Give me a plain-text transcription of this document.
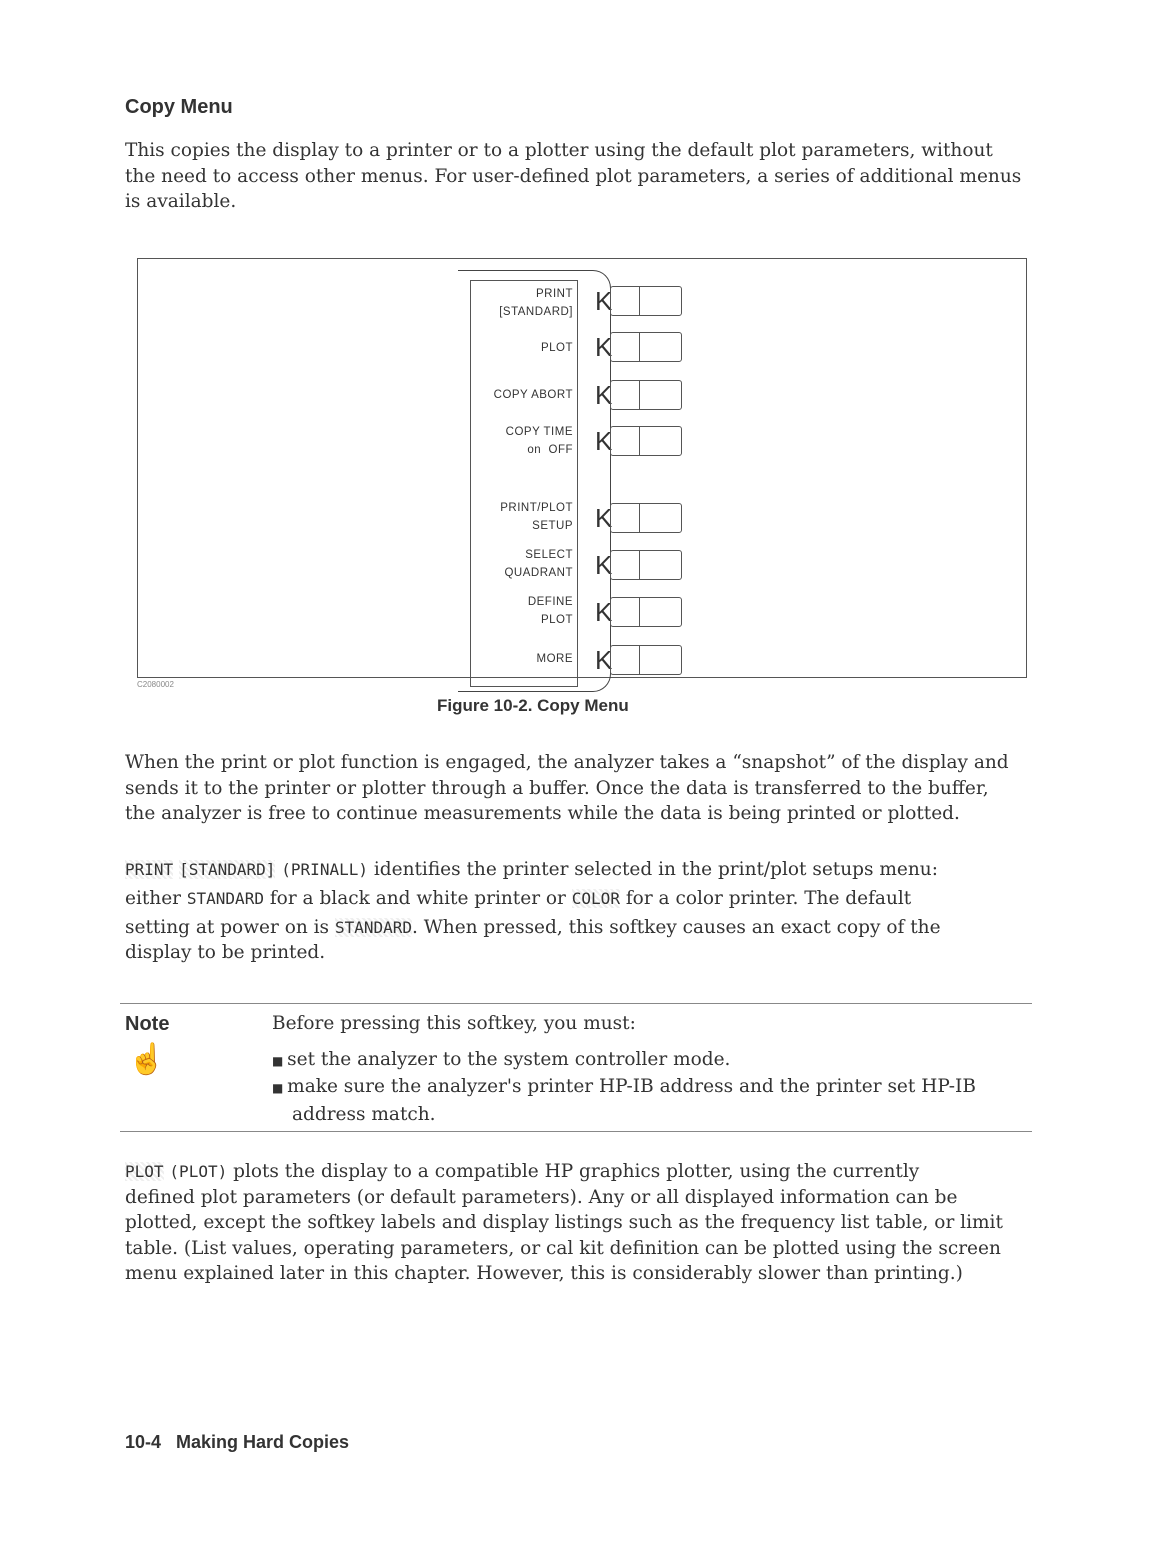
Copy Menu
This copies the display to a printer or to a plotter using the default plot parameters, without
the need to access other menus. For user-defined plot parameters, a series of additional menus
is available.
PRINT
[STANDARD]
PLOT
COPY ABORT
COPY TIME
on  OFF
PRINT/PLOT
SETUP
SELECT
QUADRANT
DEFINE
PLOT
MORE
K
K
K
K
K
K
K
K
C2080002
Figure 10-2. Copy Menu
When the print or plot function is engaged, the analyzer takes a “snapshot” of the display and
sends it to the printer or plotter through a buffer. Once the data is transferred to the buffer,
the analyzer is free to continue measurements while the data is being printed or plotted.
PRINT [STANDARD] (PRINALL) identifies the printer selected in the print/plot setups menu:
either STANDARD for a black and white printer or COLOR for a color printer. The default
setting at power on is STANDARD. When pressed, this softkey causes an exact copy of the
display to be printed.
Note
☝
Before pressing this softkey, you must:
■ set the analyzer to the system controller mode.
■ make sure the analyzer's printer HP-IB address and the printer set HP-IB
address match.
PLOT (PLOT) plots the display to a compatible HP graphics plotter, using the currently
defined plot parameters (or default parameters). Any or all displayed information can be
plotted, except the softkey labels and display listings such as the frequency list table, or limit
table. (List values, operating parameters, or cal kit definition can be plotted using the screen
menu explained later in this chapter. However, this is considerably slower than printing.)
10-4   Making Hard Copies
